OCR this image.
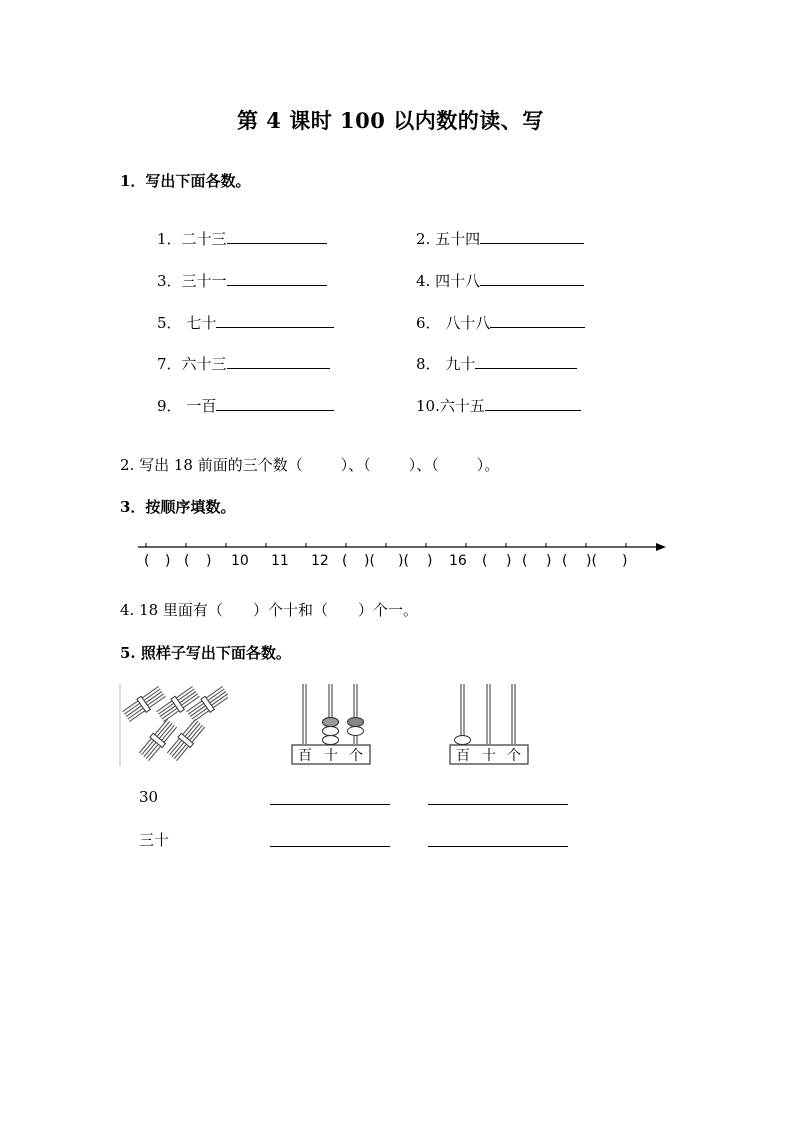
第 4 课时 100 以内数的读、写
1．写出下面各数。
1．二十三	2. 五十四
3．三十一	4. 四十八
5． 七十	6． 八十八
7．六十三	8． 九十
9． 一百	10.六十五
2. 写出 18 前面的三个数（	）、（	）、（	）。
3．按顺序填数。
( ) ( ) 10 11 12 ( )( )( ) 16 ( ) ( ) ( )( )
4. 18 里面有（ ）个十和（ ）个一。
5. 照样子写出下面各数。
百 十 个	百 十 个
30
三十
